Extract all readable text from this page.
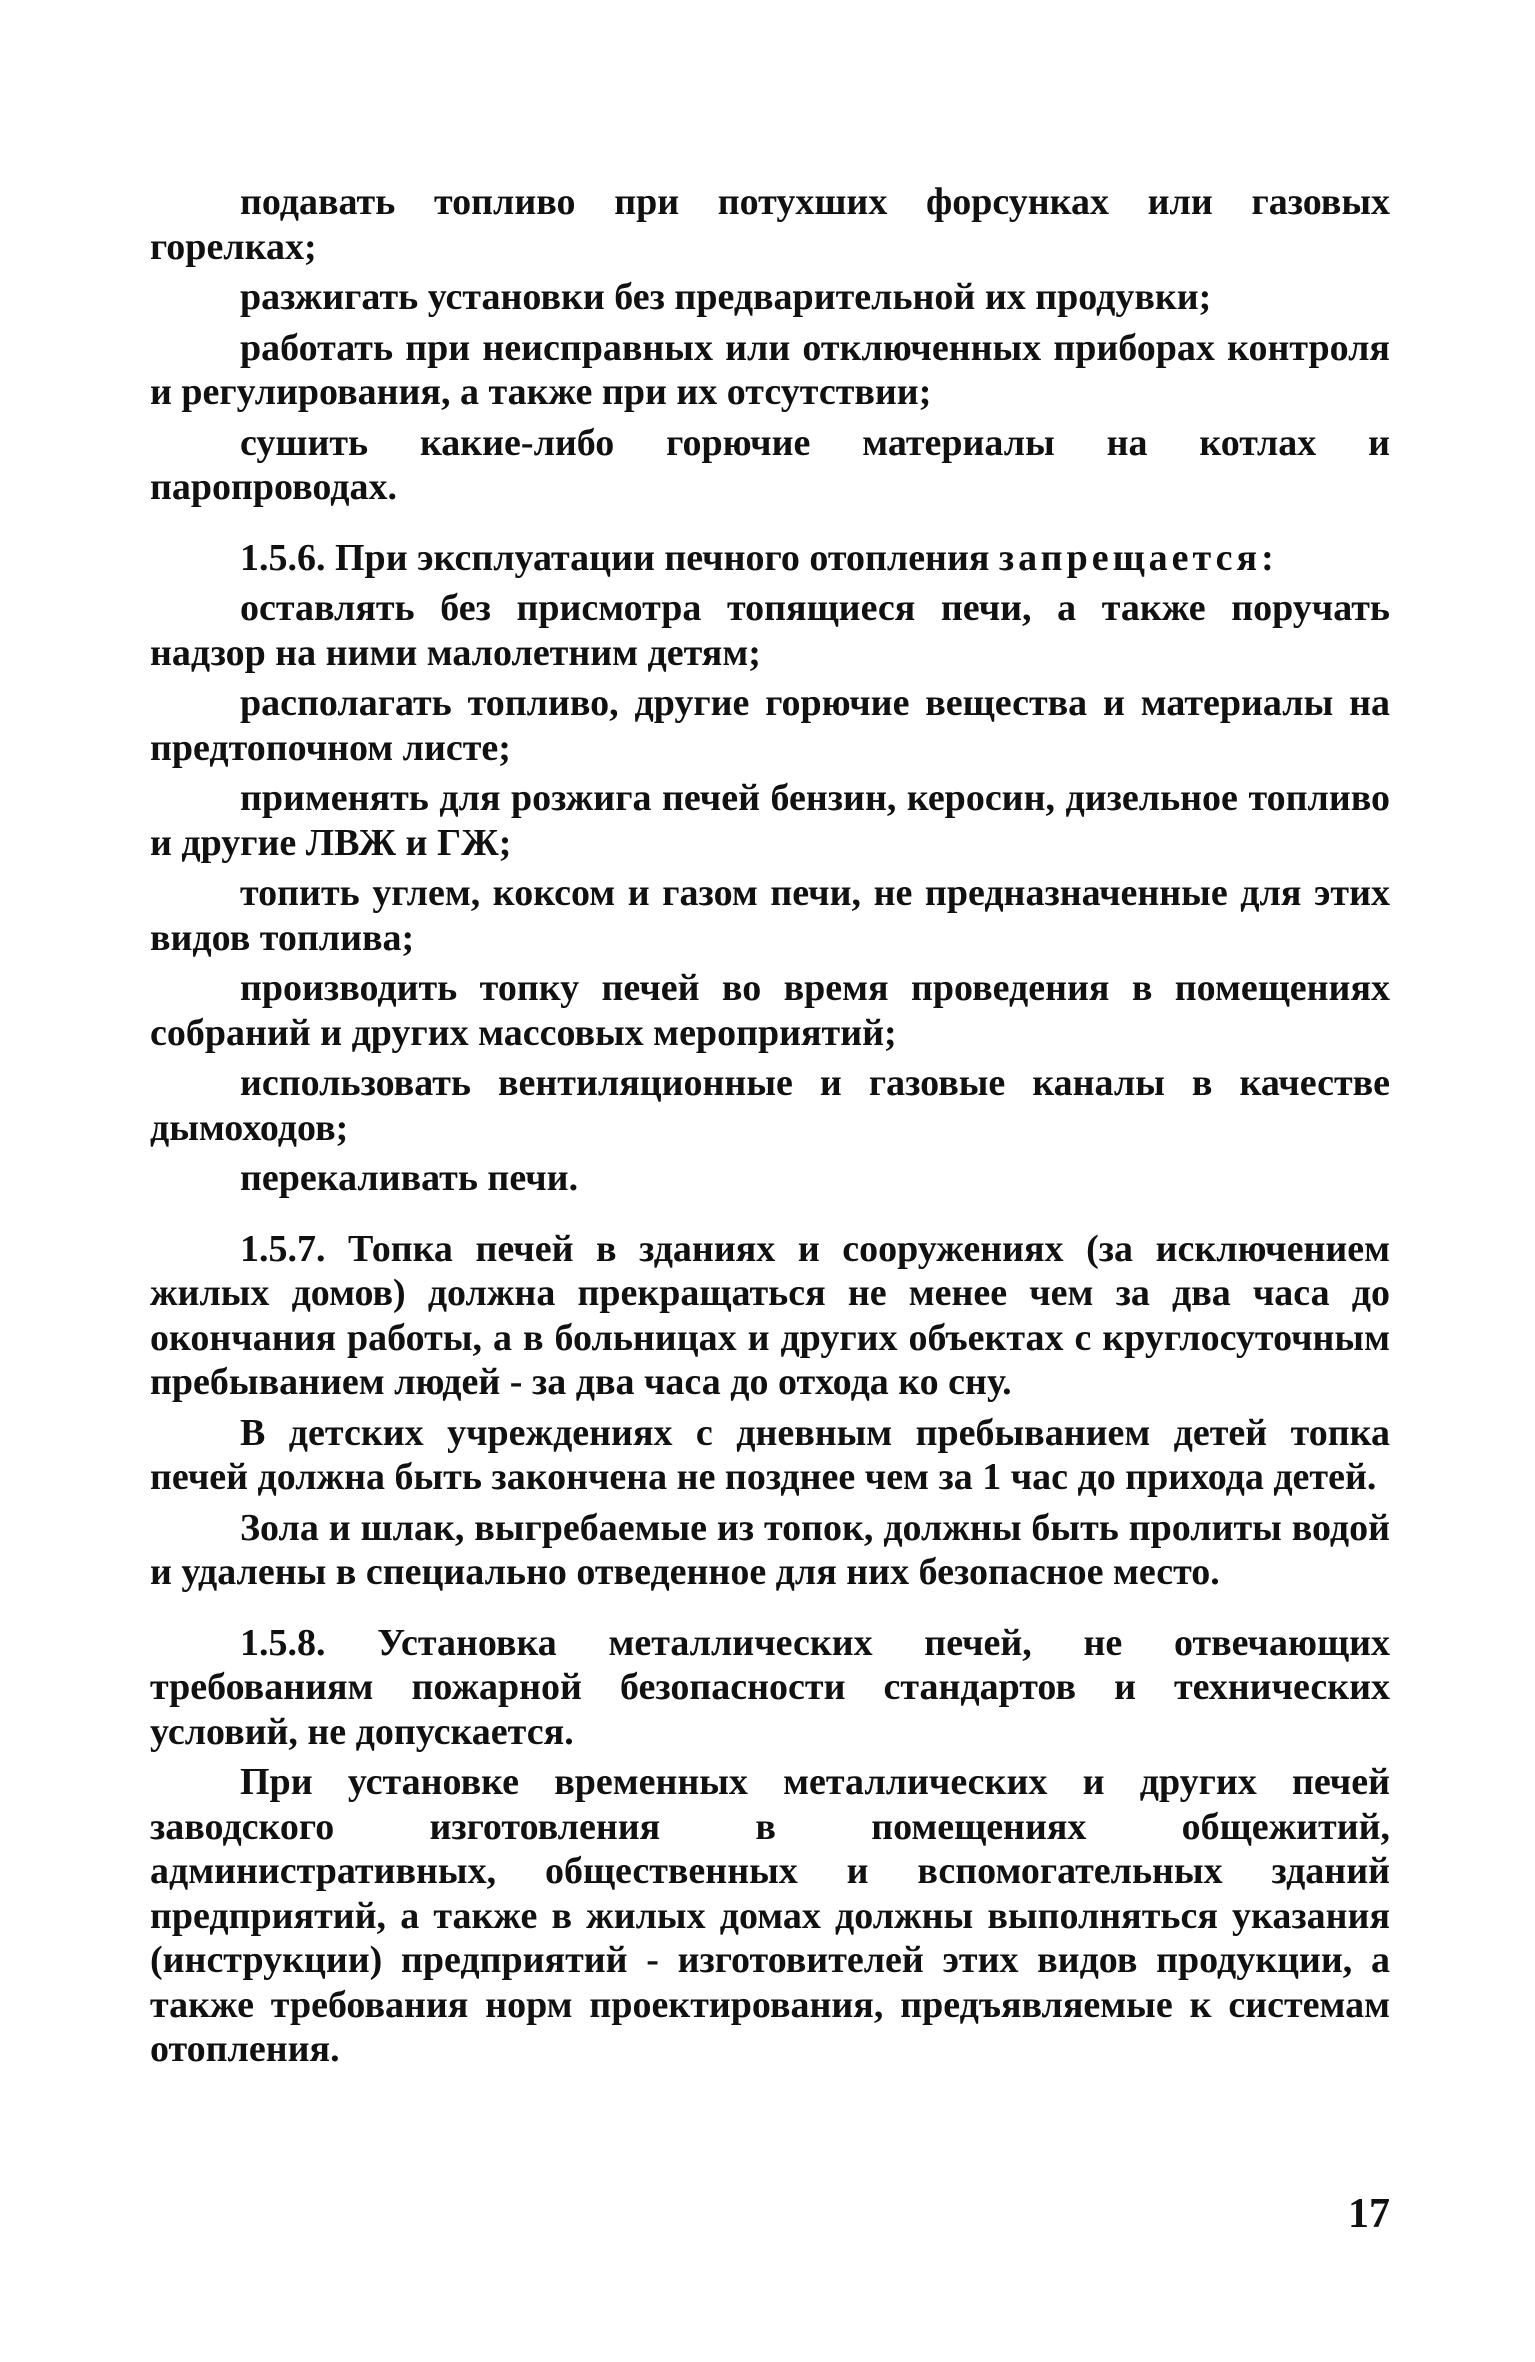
подавать топливо при потухших форсунках или газовых горелках;

разжигать установки без предварительной их продувки;

работать при неисправных или отключенных приборах контроля и регулирования, а также при их отсутствии;

сушить какие-либо горючие материалы на котлах и паропроводах.

1.5.6. При эксплуатации печного отопления запрещается:

оставлять без присмотра топящиеся печи, а также поручать надзор на ними малолетним детям;

располагать топливо, другие горючие вещества и материалы на предтопочном листе;

применять для розжига печей бензин, керосин, дизельное топливо и другие ЛВЖ и ГЖ;

топить углем, коксом и газом печи, не предназначенные для этих видов топлива;

производить топку печей во время проведения в помещениях собраний и других массовых мероприятий;

использовать вентиляционные и газовые каналы в качестве дымоходов;

перекаливать печи.

1.5.7. Топка печей в зданиях и сооружениях (за исключением жилых домов) должна прекращаться не менее чем за два часа до окончания работы, а в больницах и других объектах с круглосуточным пребыванием людей - за два часа до отхода ко сну.

В детских учреждениях с дневным пребыванием детей топка печей должна быть закончена не позднее чем за 1 час до прихода детей.

Зола и шлак, выгребаемые из топок, должны быть пролиты водой и удалены в специально отведенное для них безопасное место.

1.5.8. Установка металлических печей, не отвечающих требованиям пожарной безопасности стандартов и технических условий, не допускается.

При установке временных металлических и других печей заводского изготовления в помещениях общежитий, административных, общественных и вспомогательных зданий предприятий, а также в жилых домах должны выполняться указания (инструкции) предприятий - изготовителей этих видов продукции, а также требования норм проектирования, предъявляемые к системам отопления.

17
